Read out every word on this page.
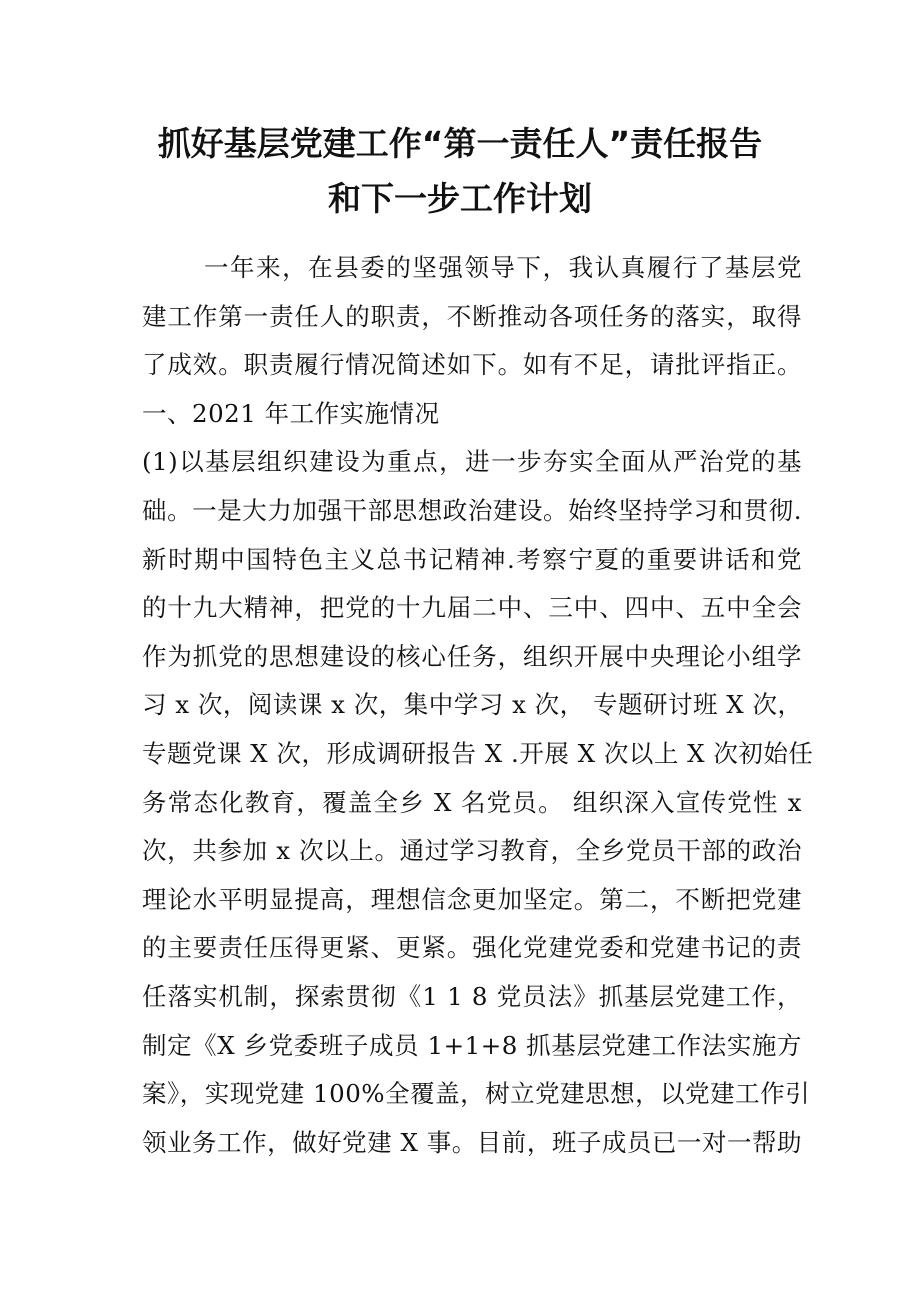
抓好基层党建工作“第一责任人”责任报告
和下一步工作计划
一年来，在县委的坚强领导下，我认真履行了基层党
建工作第一责任人的职责，不断推动各项任务的落实，取得
了成效。职责履行情况简述如下。如有不足，请批评指正。
一、2021 年工作实施情况
(1)以基层组织建设为重点，进一步夯实全面从严治党的基
础。一是大力加强干部思想政治建设。始终坚持学习和贯彻.
新时期中国特色主义总书记精神.考察宁夏的重要讲话和党
的十九大精神，把党的十九届二中、三中、四中、五中全会
作为抓党的思想建设的核心任务，组织开展中央理论小组学
习 x 次，阅读课 x 次，集中学习 x 次， 专题研讨班 X 次，
专题党课 X 次，形成调研报告 X .开展 X 次以上 X 次初始任
务常态化教育，覆盖全乡 X 名党员。 组织深入宣传党性 x
次，共参加 x 次以上。通过学习教育，全乡党员干部的政治
理论水平明显提高，理想信念更加坚定。第二，不断把党建
的主要责任压得更紧、更紧。强化党建党委和党建书记的责
任落实机制，探索贯彻《1 1 8 党员法》抓基层党建工作，
制定《X 乡党委班子成员 1+1+8 抓基层党建工作法实施方
案》，实现党建 100%全覆盖，树立党建思想，以党建工作引
领业务工作，做好党建 X 事。目前，班子成员已一对一帮助
